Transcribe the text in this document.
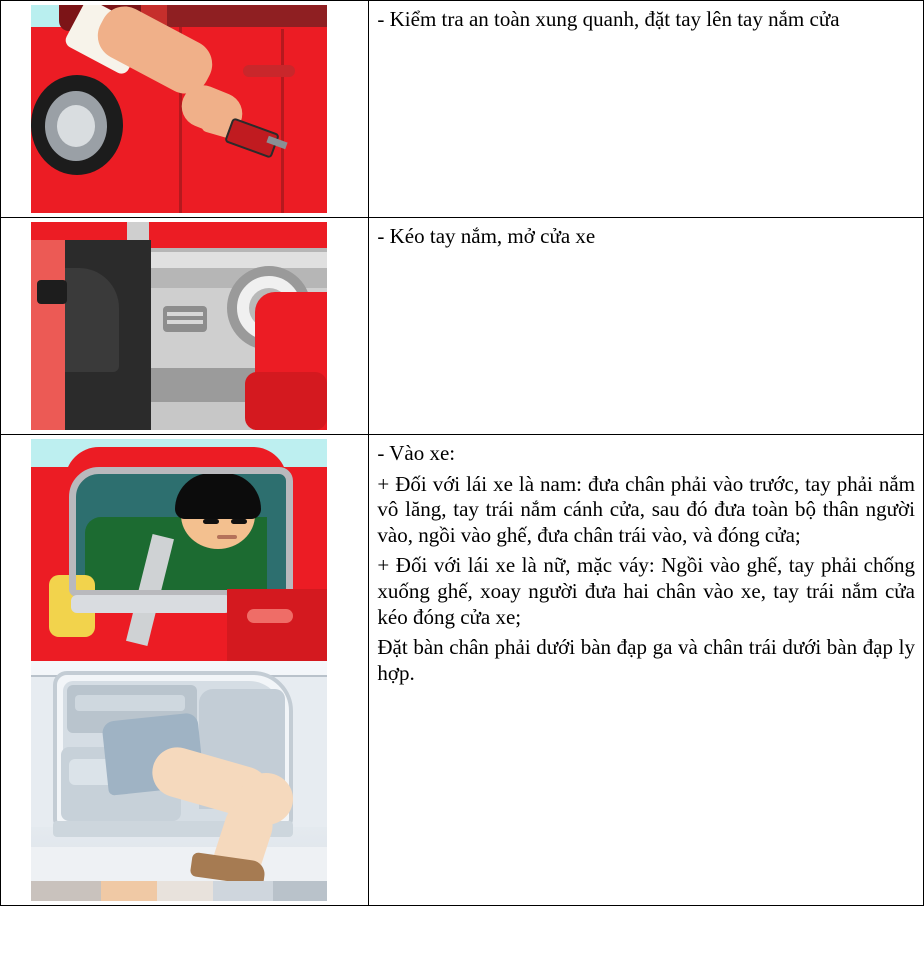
	- Kiểm tra an toàn xung quanh, đặt tay lên tay nắm cửa

	- Kéo tay nắm, mở cửa xe

	- Vào xe:

+ Đối với lái xe là nam: đưa chân phải vào trước, tay phải nắm vô lăng, tay trái nắm cánh cửa, sau đó đưa toàn bộ thân người vào, ngồi vào ghế, đưa chân trái vào, và đóng cửa;

+ Đối với lái xe là nữ, mặc váy: Ngồi vào ghế, tay phải chống xuống ghế, xoay người đưa hai chân vào xe, tay trái nắm cửa kéo đóng cửa xe;

Đặt bàn chân phải dưới bàn đạp ga và chân trái dưới bàn đạp ly hợp.
